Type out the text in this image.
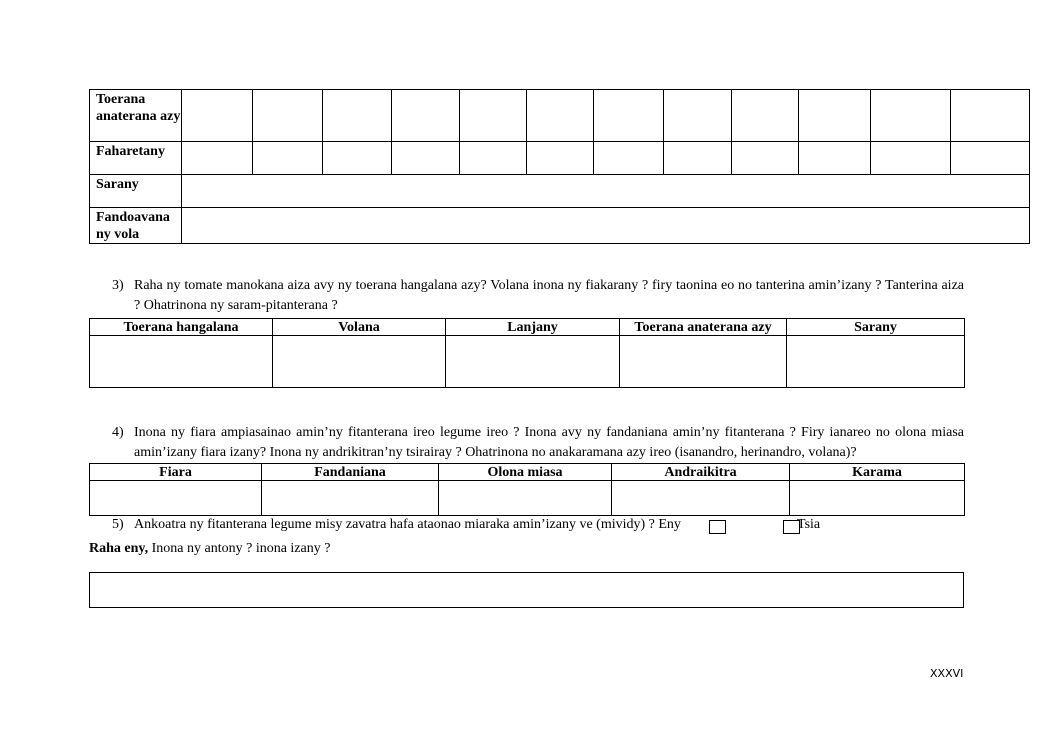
Toerana anaterana azy												
Faharetany												
Sarany												
Fandoavana ny vola												
3) Raha ny tomate manokana aiza avy ny toerana hangalana azy? Volana inona ny fiakarany ? firy taonina eo no tanterina amin’izany ? Tanterina aiza ? Ohatrinona ny saram-pitanterana ?
Toerana hangalana	Volana	Lanjany	Toerana anaterana azy	Sarany

4) Inona ny fiara ampiasainao amin’ny fitanterana ireo legume ireo ? Inona avy ny fandaniana amin’ny fitanterana ? Firy ianareo no olona miasa amin’izany fiara izany? Inona ny andrikitran’ny tsirairay ? Ohatrinona no anakaramana azy ireo (isanandro, herinandro, volana)?
Fiara	Fandaniana	Olona miasa	Andraikitra	Karama

5) Ankoatra ny fitanterana legume misy zavatra hafa ataonao miaraka amin’izany ve (mividy) ? Eny	Tsia
Raha eny, Inona ny antony ? inona izany ?
XXXVI
